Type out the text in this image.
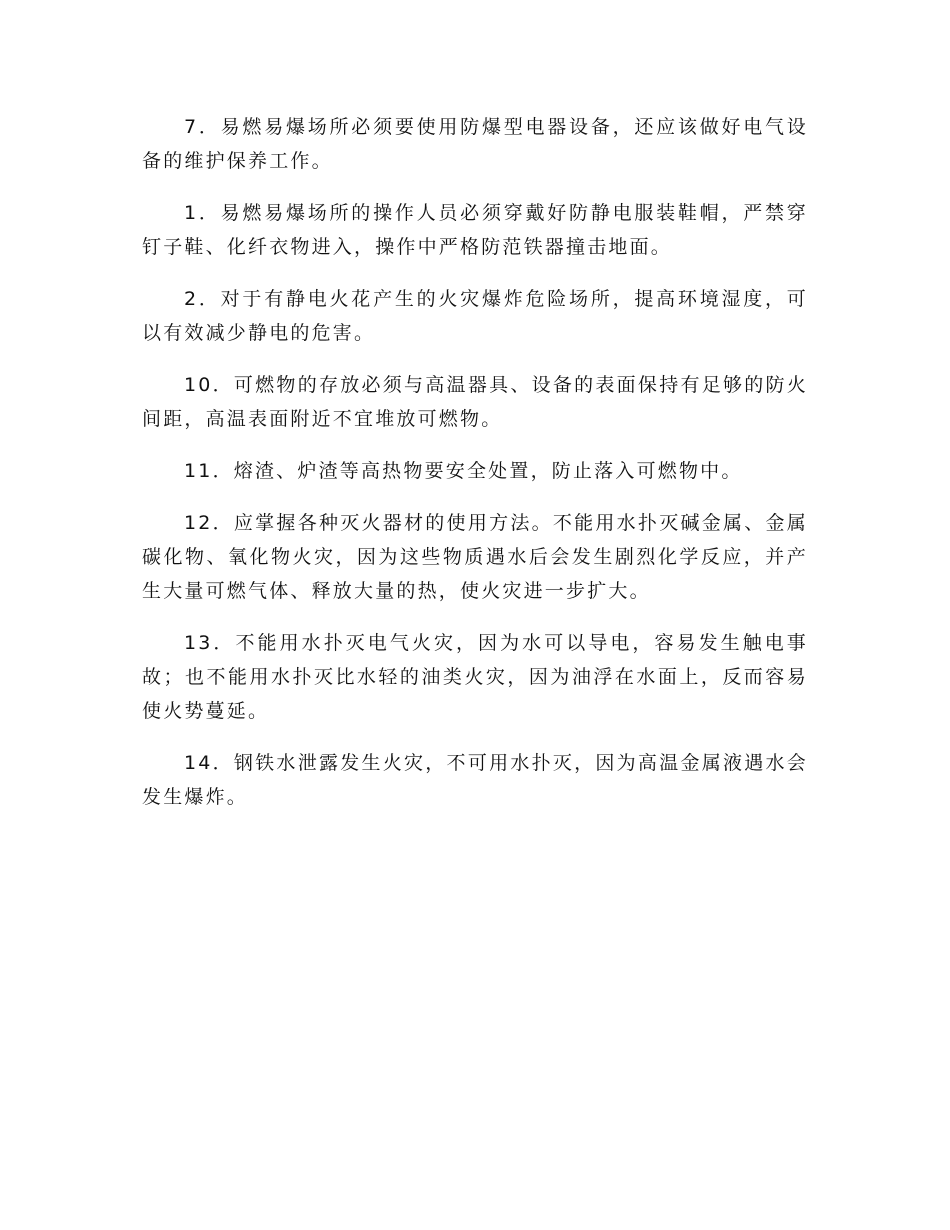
7．易燃易爆场所必须要使用防爆型电器设备，还应该做好电气设备的维护保养工作。

1．易燃易爆场所的操作人员必须穿戴好防静电服装鞋帽，严禁穿钉子鞋、化纤衣物进入，操作中严格防范铁器撞击地面。

2．对于有静电火花产生的火灾爆炸危险场所，提高环境湿度，可以有效减少静电的危害。

10．可燃物的存放必须与高温器具、设备的表面保持有足够的防火间距，高温表面附近不宜堆放可燃物。

11．熔渣、炉渣等高热物要安全处置，防止落入可燃物中。

12．应掌握各种灭火器材的使用方法。不能用水扑灭碱金属、金属碳化物、氧化物火灾，因为这些物质遇水后会发生剧烈化学反应，并产生大量可燃气体、释放大量的热，使火灾进一步扩大。

13．不能用水扑灭电气火灾，因为水可以导电，容易发生触电事故；也不能用水扑灭比水轻的油类火灾，因为油浮在水面上，反而容易使火势蔓延。

14．钢铁水泄露发生火灾，不可用水扑灭，因为高温金属液遇水会发生爆炸。
